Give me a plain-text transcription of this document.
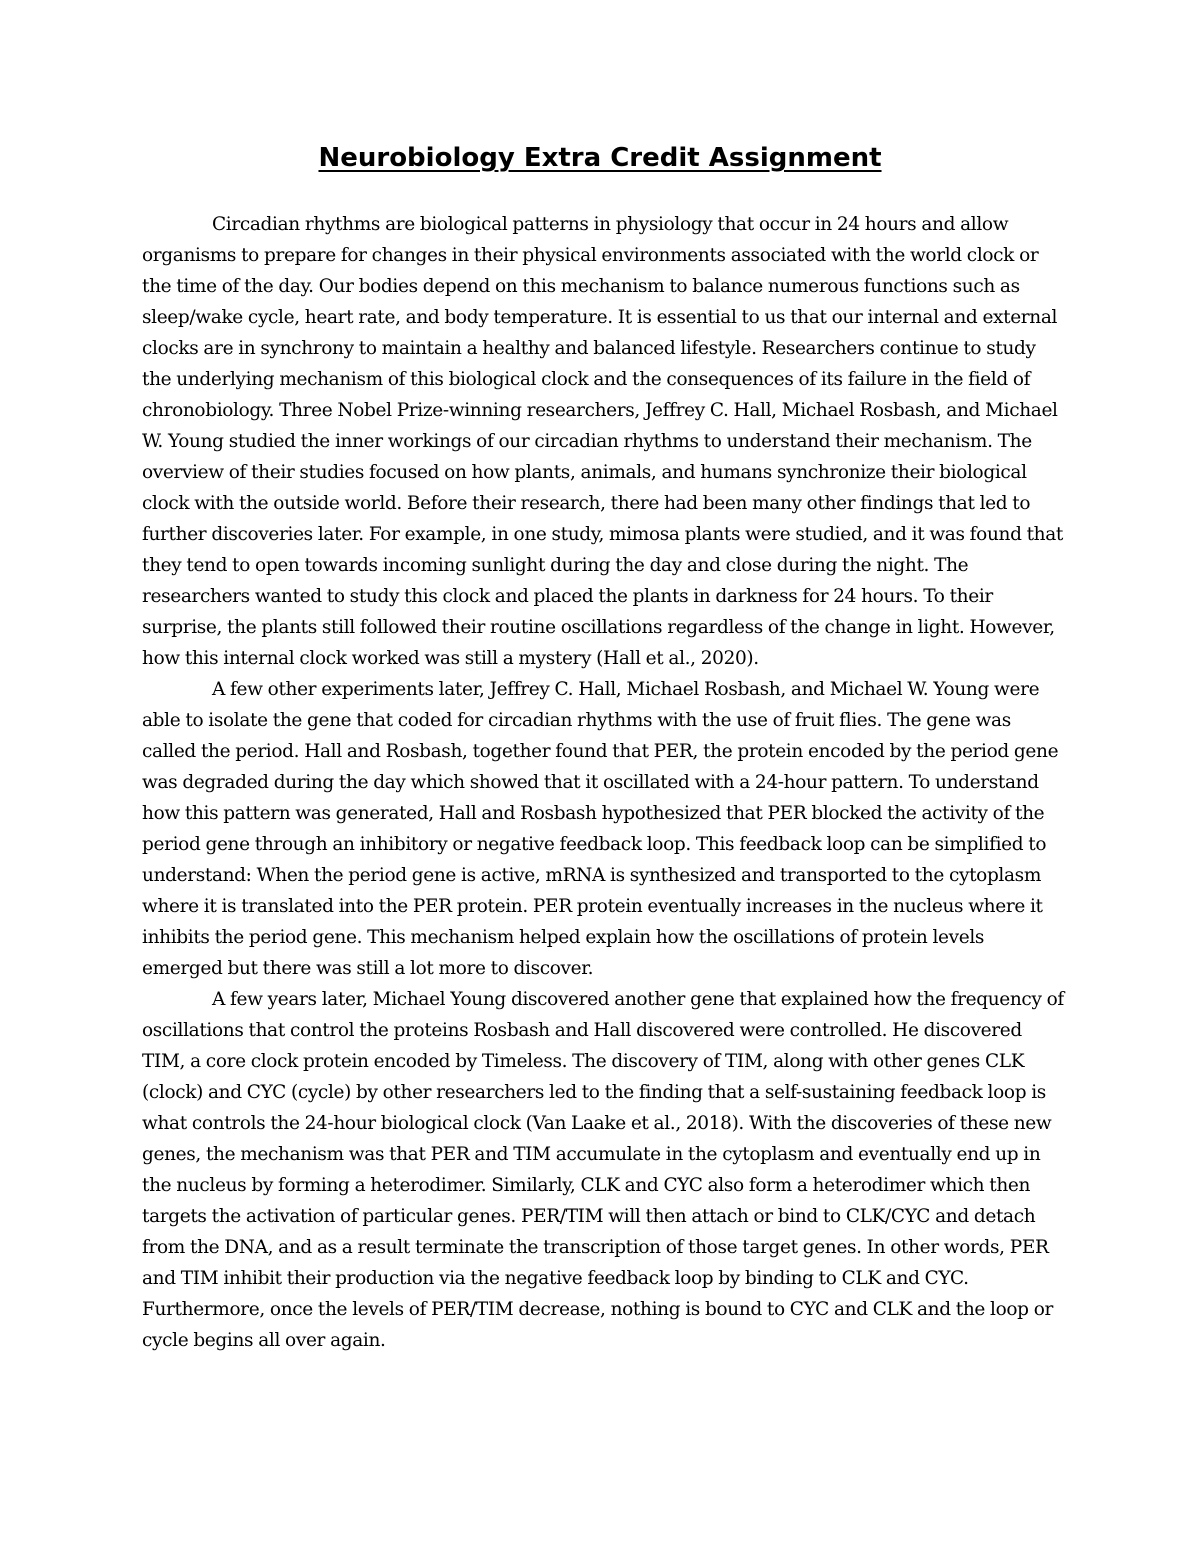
Neurobiology Extra Credit Assignment

Circadian rhythms are biological patterns in physiology that occur in 24 hours and allow organisms to prepare for changes in their physical environments associated with the world clock or the time of the day. Our bodies depend on this mechanism to balance numerous functions such as sleep/wake cycle, heart rate, and body temperature. It is essential to us that our internal and external clocks are in synchrony to maintain a healthy and balanced lifestyle. Researchers continue to study the underlying mechanism of this biological clock and the consequences of its failure in the field of chronobiology. Three Nobel Prize-winning researchers, Jeffrey C. Hall, Michael Rosbash, and Michael W. Young studied the inner workings of our circadian rhythms to understand their mechanism. The overview of their studies focused on how plants, animals, and humans synchronize their biological clock with the outside world. Before their research, there had been many other findings that led to further discoveries later. For example, in one study, mimosa plants were studied, and it was found that they tend to open towards incoming sunlight during the day and close during the night. The researchers wanted to study this clock and placed the plants in darkness for 24 hours. To their surprise, the plants still followed their routine oscillations regardless of the change in light. However, how this internal clock worked was still a mystery (Hall et al., 2020).

A few other experiments later, Jeffrey C. Hall, Michael Rosbash, and Michael W. Young were able to isolate the gene that coded for circadian rhythms with the use of fruit flies. The gene was called the period. Hall and Rosbash, together found that PER, the protein encoded by the period gene was degraded during the day which showed that it oscillated with a 24-hour pattern. To understand how this pattern was generated, Hall and Rosbash hypothesized that PER blocked the activity of the period gene through an inhibitory or negative feedback loop. This feedback loop can be simplified to understand: When the period gene is active, mRNA is synthesized and transported to the cytoplasm where it is translated into the PER protein. PER protein eventually increases in the nucleus where it inhibits the period gene. This mechanism helped explain how the oscillations of protein levels emerged but there was still a lot more to discover.

A few years later, Michael Young discovered another gene that explained how the frequency of oscillations that control the proteins Rosbash and Hall discovered were controlled. He discovered TIM, a core clock protein encoded by Timeless. The discovery of TIM, along with other genes CLK (clock) and CYC (cycle) by other researchers led to the finding that a self-sustaining feedback loop is what controls the 24-hour biological clock (Van Laake et al., 2018). With the discoveries of these new genes, the mechanism was that PER and TIM accumulate in the cytoplasm and eventually end up in the nucleus by forming a heterodimer. Similarly, CLK and CYC also form a heterodimer which then targets the activation of particular genes. PER/TIM will then attach or bind to CLK/CYC and detach from the DNA, and as a result terminate the transcription of those target genes. In other words, PER and TIM inhibit their production via the negative feedback loop by binding to CLK and CYC. Furthermore, once the levels of PER/TIM decrease, nothing is bound to CYC and CLK and the loop or cycle begins all over again.
